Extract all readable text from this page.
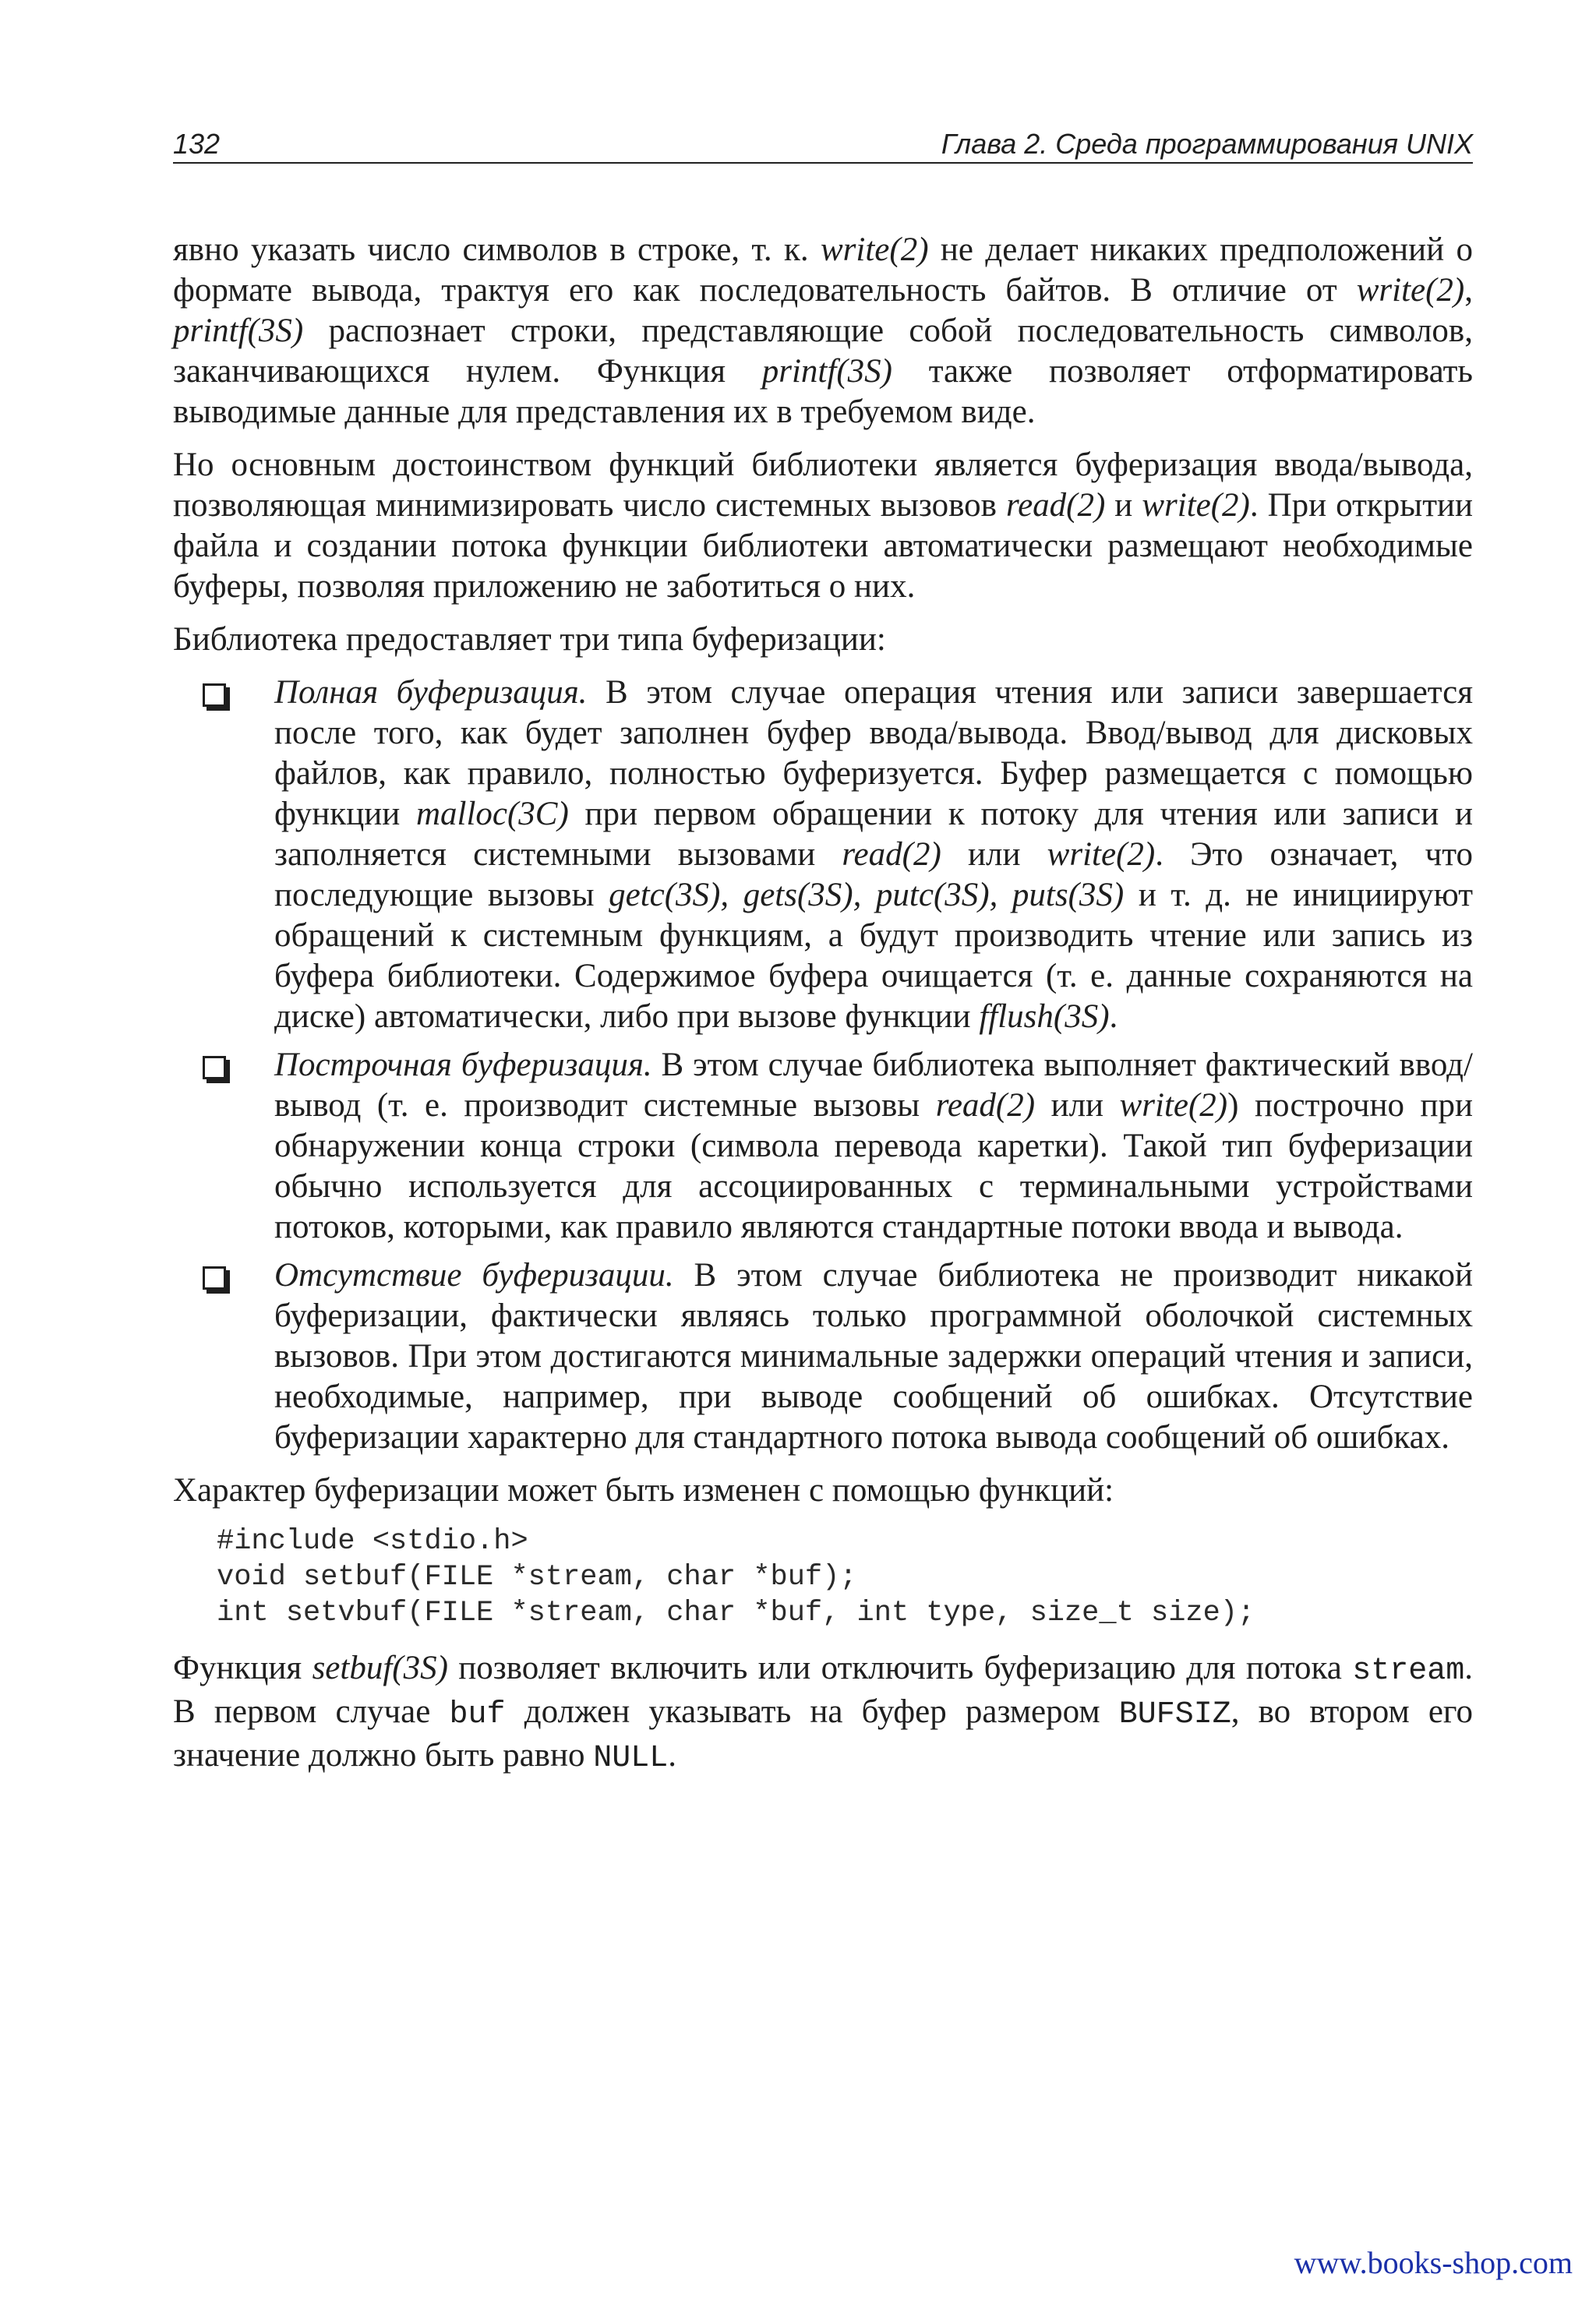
132	Глава 2. Среда программирования UNIX

явно указать число символов в строке, т. к. write(2) не делает никаких предположений о формате вывода, трактуя его как последовательность байтов. В отличие от write(2), printf(3S) распознает строки, представляющие собой последовательность символов, заканчивающихся нулем. Функция printf(3S) также позволяет отформатировать выводимые данные для представления их в требуемом виде.

Но основным достоинством функций библиотеки является буферизация ввода/вывода, позволяющая минимизировать число системных вызовов read(2) и write(2). При открытии файла и создании потока функции библиотеки автоматически размещают необходимые буферы, позволяя приложению не заботиться о них.

Библиотека предоставляет три типа буферизации:

Полная буферизация. В этом случае операция чтения или записи завершается после того, как будет заполнен буфер ввода/вывода. Ввод/вывод для дисковых файлов, как правило, полностью буферизуется. Буфер размещается с помощью функции malloc(3C) при первом обращении к потоку для чтения или записи и заполняется системными вызовами read(2) или write(2). Это означает, что последующие вызовы getc(3S), gets(3S), putc(3S), puts(3S) и т. д. не инициируют обращений к системным функциям, а будут производить чтение или запись из буфера библиотеки. Содержимое буфера очищается (т. е. данные сохраняются на диске) автоматически, либо при вызове функции fflush(3S).
Построчная буферизация. В этом случае библиотека выполняет фактический ввод/вывод (т. е. производит системные вызовы read(2) или write(2)) построчно при обнаружении конца строки (символа перевода каретки). Такой тип буферизации обычно используется для ассоциированных с терминальными устройствами потоков, которыми, как правило являются стандартные потоки ввода и вывода.
Отсутствие буферизации. В этом случае библиотека не производит никакой буферизации, фактически являясь только программной оболочкой системных вызовов. При этом достигаются минимальные задержки операций чтения и записи, необходимые, например, при выводе сообщений об ошибках. Отсутствие буферизации характерно для стандартного потока вывода сообщений об ошибках.

Характер буферизации может быть изменен с помощью функций:

#include <stdio.h>
void setbuf(FILE *stream, char *buf);
int setvbuf(FILE *stream, char *buf, int type, size_t size);

Функция setbuf(3S) позволяет включить или отключить буферизацию для потока stream. В первом случае buf должен указывать на буфер размером BUFSIZ, во втором его значение должно быть равно NULL.

www.books-shop.com
